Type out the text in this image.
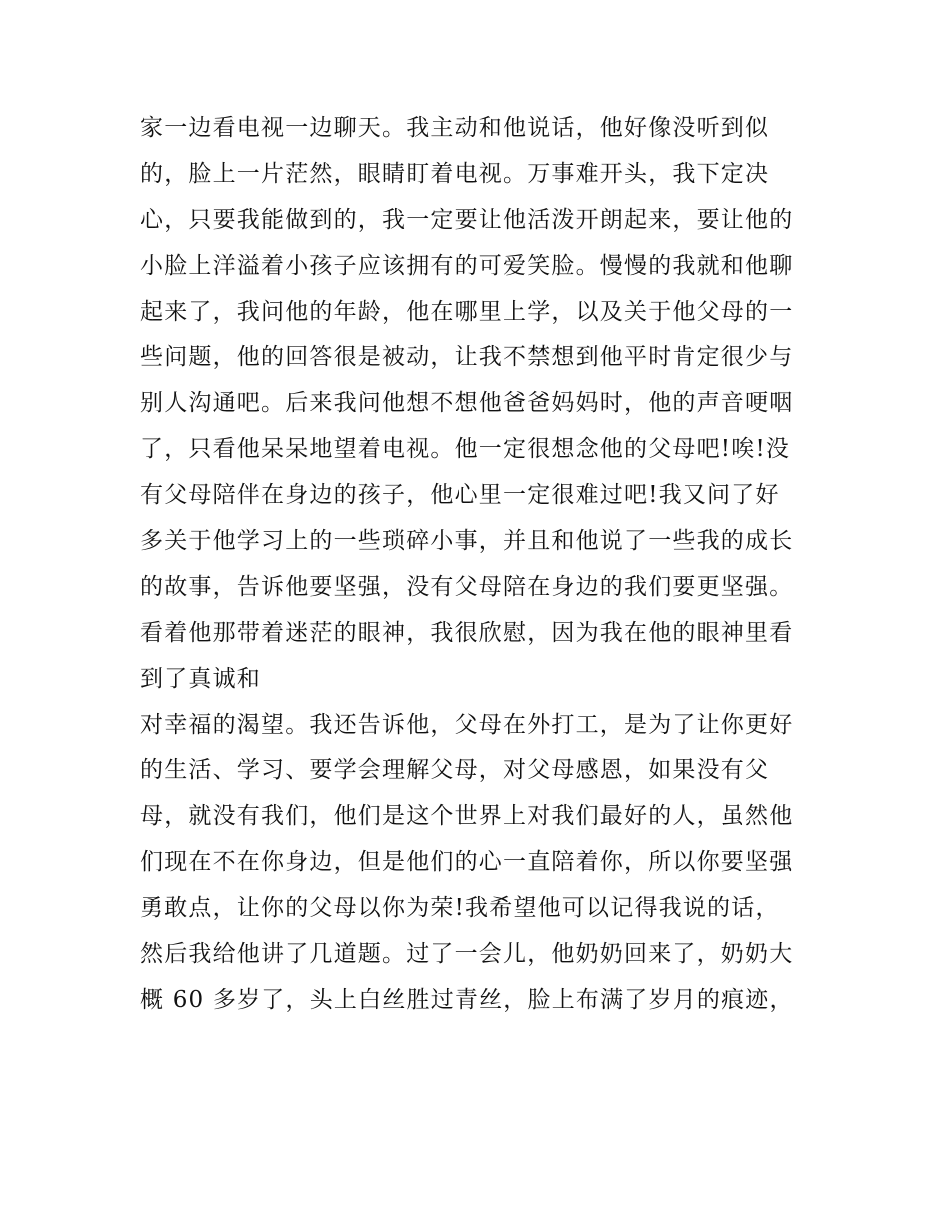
家一边看电视一边聊天。我主动和他说话，他好像没听到似
的，脸上一片茫然，眼睛盯着电视。万事难开头，我下定决
心，只要我能做到的，我一定要让他活泼开朗起来，要让他的
小脸上洋溢着小孩子应该拥有的可爱笑脸。慢慢的我就和他聊
起来了，我问他的年龄，他在哪里上学，以及关于他父母的一
些问题，他的回答很是被动，让我不禁想到他平时肯定很少与
别人沟通吧。后来我问他想不想他爸爸妈妈时，他的声音哽咽
了，只看他呆呆地望着电视。他一定很想念他的父母吧!唉!没
有父母陪伴在身边的孩子，他心里一定很难过吧!我又问了好
多关于他学习上的一些琐碎小事，并且和他说了一些我的成长
的故事，告诉他要坚强，没有父母陪在身边的我们要更坚强。
看着他那带着迷茫的眼神，我很欣慰，因为我在他的眼神里看
到了真诚和
对幸福的渴望。我还告诉他，父母在外打工，是为了让你更好
的生活、学习、要学会理解父母，对父母感恩，如果没有父
母，就没有我们，他们是这个世界上对我们最好的人，虽然他
们现在不在你身边，但是他们的心一直陪着你，所以你要坚强
勇敢点，让你的父母以你为荣!我希望他可以记得我说的话，
然后我给他讲了几道题。过了一会儿，他奶奶回来了，奶奶大
概 60 多岁了，头上白丝胜过青丝，脸上布满了岁月的痕迹，
